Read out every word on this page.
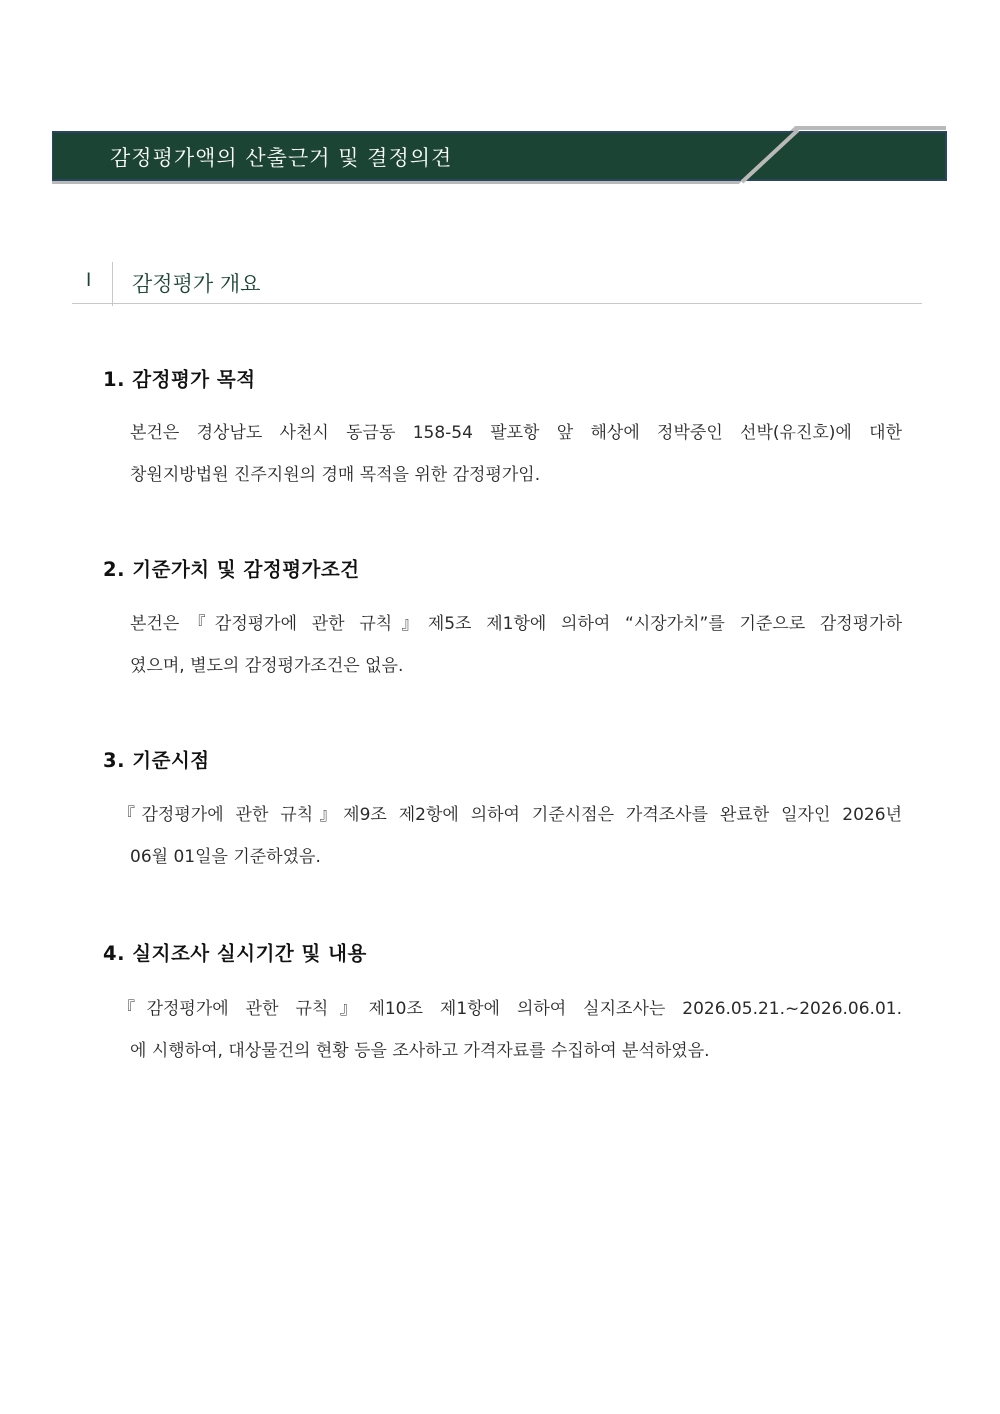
감정평가액의 산출근거 및 결정의견
I 감정평가 개요
1. 감정평가 목적
본건은 경상남도 사천시 동금동 158-54 팔포항 앞 해상에 정박중인 선박(유진호)에 대한
창원지방법원 진주지원의 경매 목적을 위한 감정평가임.
2. 기준가치 및 감정평가조건
본건은『감정평가에 관한 규칙』제5조 제1항에 의하여 “시장가치”를 기준으로 감정평가하
였으며, 별도의 감정평가조건은 없음.
3. 기준시점
『감정평가에 관한 규칙』제9조 제2항에 의하여 기준시점은 가격조사를 완료한 일자인 2026년
06월 01일을 기준하였음.
4. 실지조사 실시기간 및 내용
『감정평가에 관한 규칙』제10조 제1항에 의하여 실지조사는 2026.05.21.~2026.06.01.
에 시행하여, 대상물건의 현황 등을 조사하고 가격자료를 수집하여 분석하였음.
